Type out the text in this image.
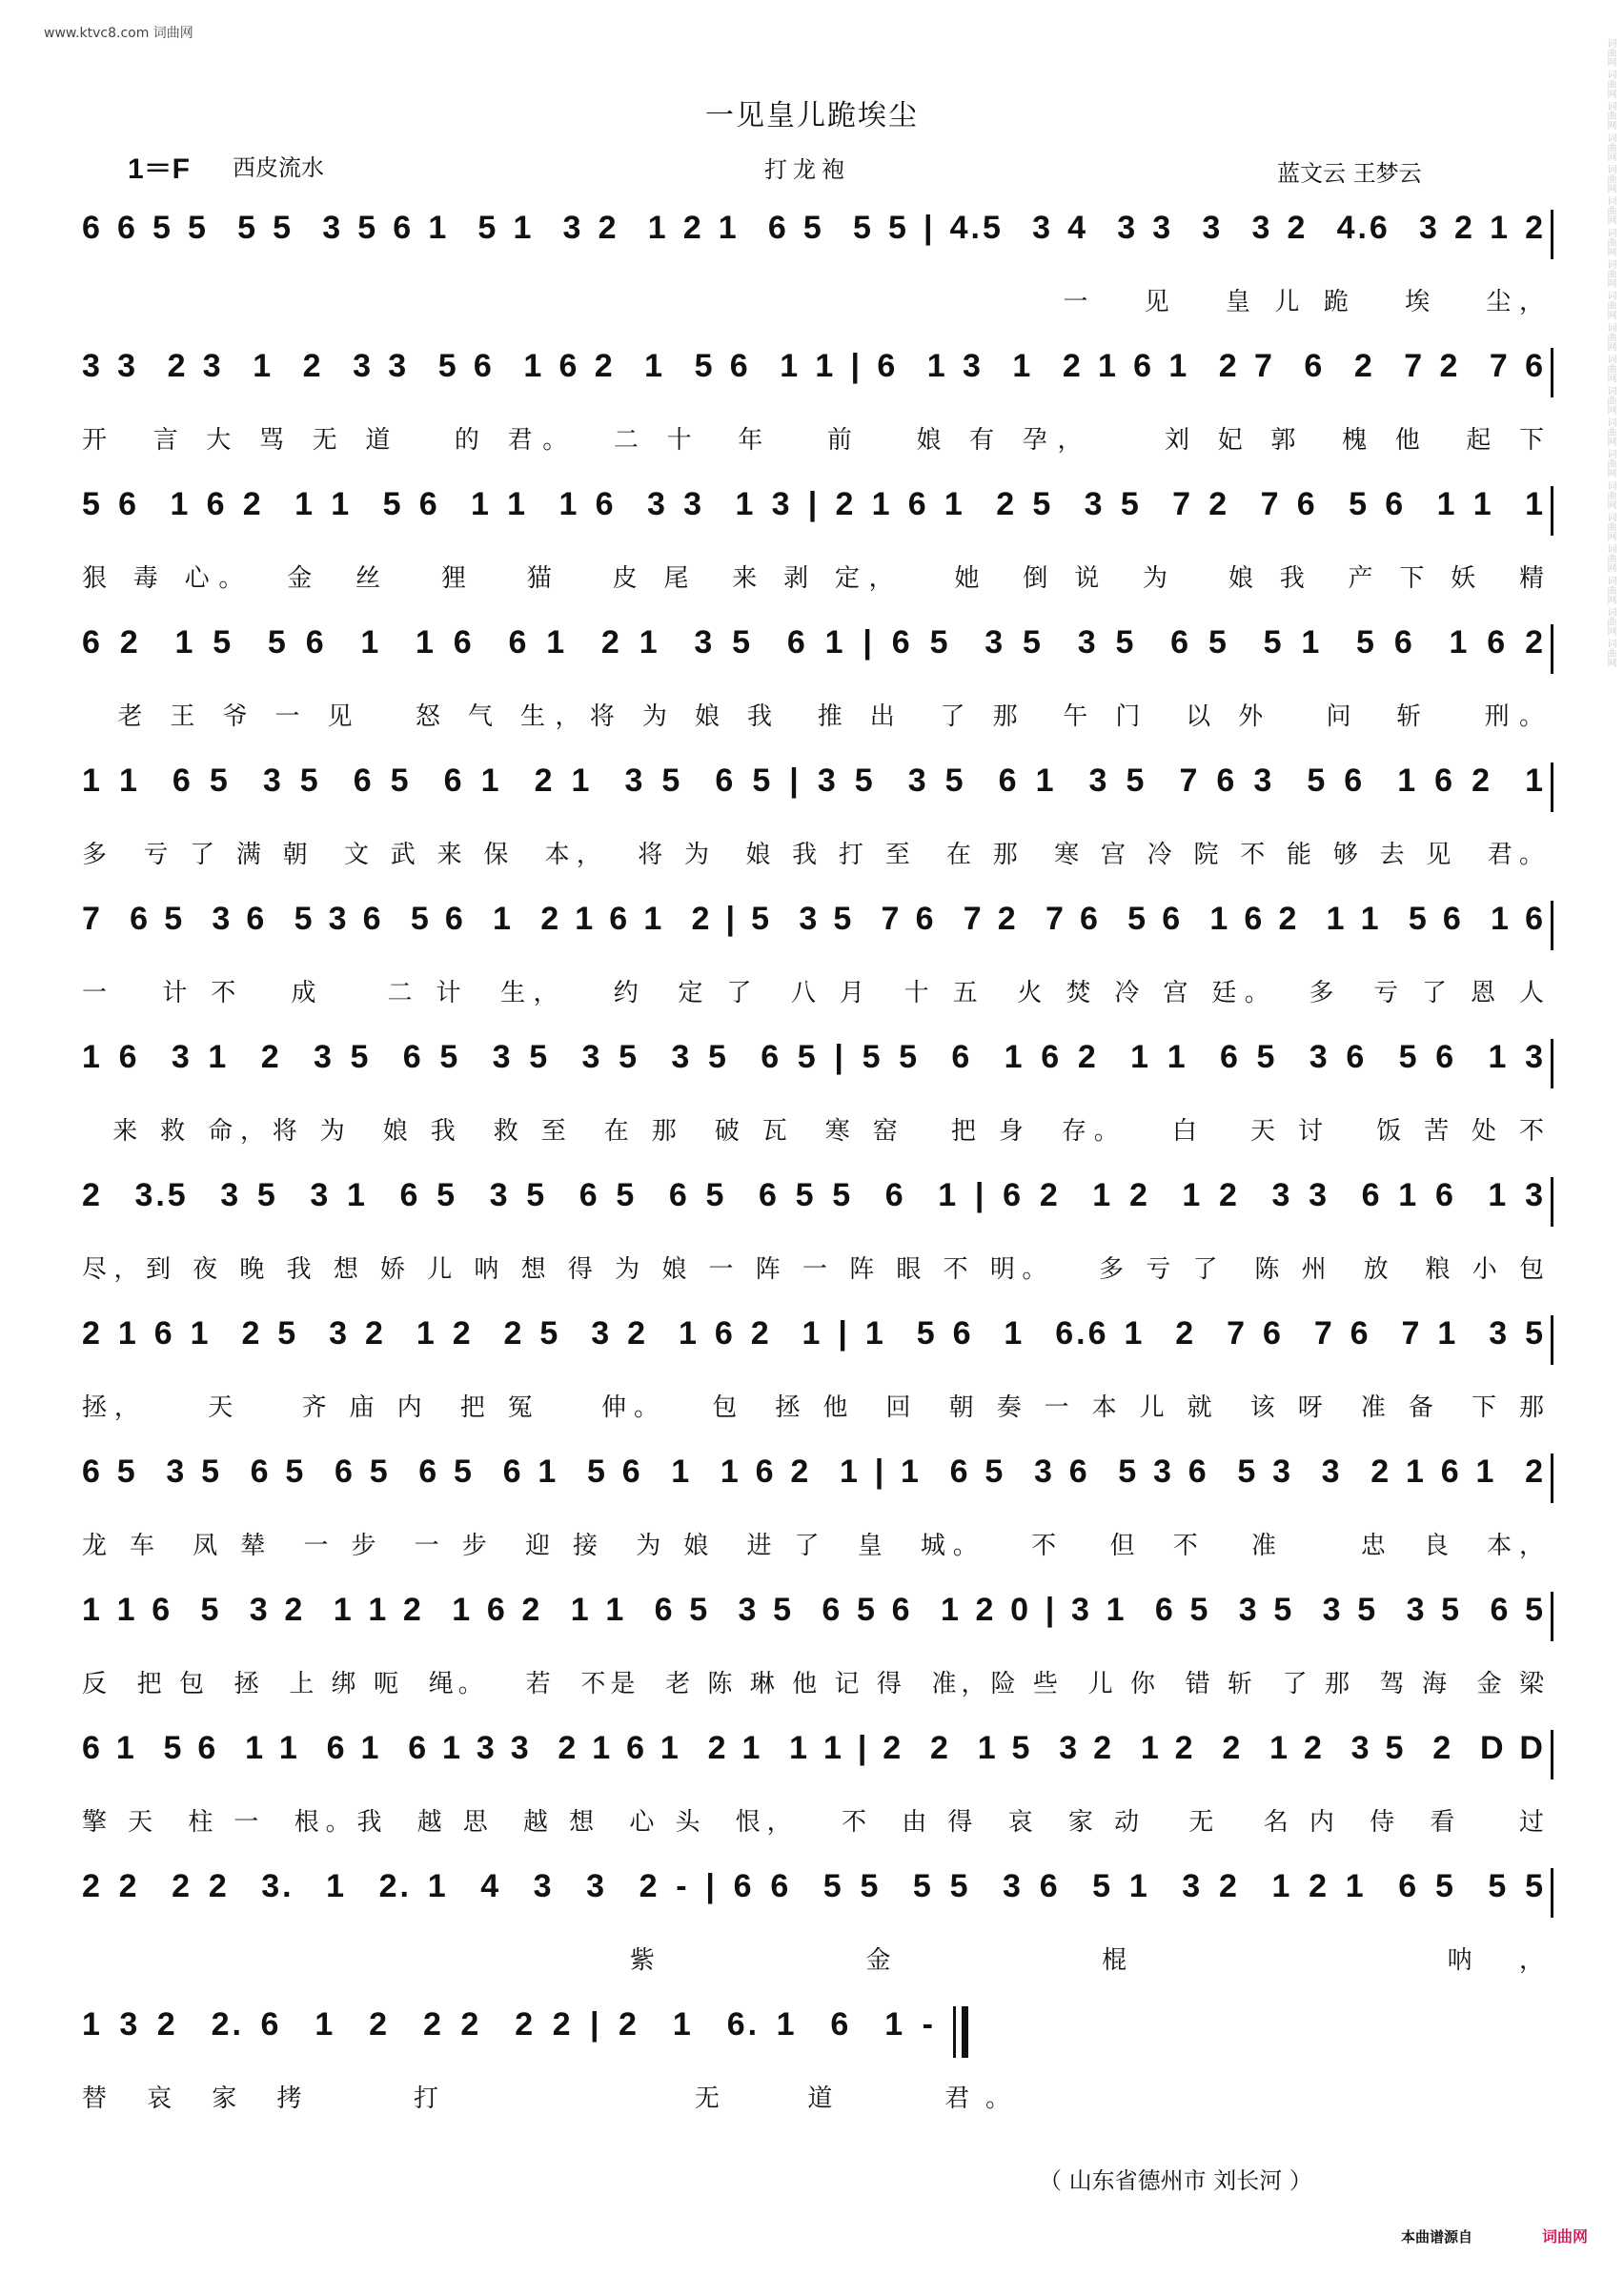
www.ktvc8.com 词曲网
词曲网 词曲网 词曲网 词曲网 词曲网 词曲网 词曲网 词曲网 词曲网 词曲网 词曲网 词曲网 词曲网 词曲网 词曲网 词曲网 词曲网 词曲网 词曲网 词曲网
一见皇儿跪埃尘
1＝F 西皮流水	打龙袍	蓝文云 王梦云
6 6 5 5  5 5  3 5 6 1  5 1  3 2  1 2 1  6 5  5 5 | 4.5  3 4  3 3  3  3 2  4.6  3 2 1 2
一   见   皇 儿 跪   埃   尘，
3 3  2 3  1  2  3 3  5 6  1 6 2  1  5 6  1 1 | 6  1 3  1  2 1 6 1  2 7  6  2  7 2  7 6
开  言 大 骂 无 道   的 君。  二 十  年   前   娘 有 孕，    刘 妃 郭  槐 他  起 下
5 6  1 6 2  1 1  5 6  1 1  1 6  3 3  1 3 | 2 1 6 1  2 5  3 5  7 2  7 6  5 6  1 1  1
狠 毒 心。  金  丝   狸   猫   皮 尾  来 剥 定，   她  倒 说  为   娘 我  产 下 妖  精
6 2  1 5  5 6  1  1 6  6 1  2 1  3 5  6 1 | 6 5  3 5  3 5  6 5  5 1  5 6  1 6 2
老 王 爷 一 见   怒 气 生，将 为 娘 我  推 出  了 那  午 门  以 外   问  斩   刑。
1 1  6 5  3 5  6 5  6 1  2 1  3 5  6 5 | 3 5  3 5  6 1  3 5  7 6 3  5 6  1 6 2  1
多  亏 了 满 朝  文 武 来 保  本，  将 为  娘 我 打 至  在 那  寒 宫 冷 院 不 能 够 去 见  君。
7  6 5  3 6  5 3 6  5 6  1  2 1 6 1  2 | 5  3 5  7 6  7 2  7 6  5 6  1 6 2  1 1  5 6  1 6
一   计 不   成    二 计  生，   约  定 了  八 月  十 五  火 焚 冷 宫 廷。  多  亏 了 恩 人
1 6  3 1  2  3 5  6 5  3 5  3 5  3 5  6 5 | 5 5  6  1 6 2  1 1  6 5  3 6  5 6  1 3
来 救 命，将 为  娘 我  救 至  在 那  破 瓦  寒 窑   把 身  存。   白   天 讨   饭 苦 处 不
2  3.5  3 5  3 1  6 5  3 5  6 5  6 5  6 5 5  6  1 | 6 2  1 2  1 2  3 3  6 1 6  1 3
尽，到 夜 晚 我 想 娇 儿 呐 想 得 为 娘 一 阵 一 阵 眼 不 明。   多 亏 了  陈 州  放  粮 小 包
2 1 6 1  2 5  3 2  1 2  2 5  3 2  1 6 2  1 | 1  5 6  1  6.6 1  2  7 6  7 6  7 1  3 5
拯，    天    齐 庙 内  把 冤    伸。   包  拯 他  回  朝 奏 一 本 儿 就  该 呀  准 备  下 那
6 5  3 5  6 5  6 5  6 5  6 1  5 6  1  1 6 2  1 | 1  6 5  3 6  5 3 6  5 3  3  2 1 6 1  2
龙 车  凤 辇  一 步  一 步  迎 接  为 娘  进 了  皇  城。   不   但  不   准     忠  良  本，
1 1 6  5  3 2  1 1 2  1 6 2  1 1  6 5  3 5  6 5 6  1 2 0 | 3 1  6 5  3 5  3 5  3 5  6 5
反  把 包  拯  上 绑 呃  绳。   若  不是  老 陈 琳 他 记 得  准，险 些  儿 你  错 斩  了 那  驾 海  金 梁
6 1  5 6  1 1  6 1  6 1 3 3  2 1 6 1  2 1  1 1 | 2  2  1 5  3 2  1 2  2  1 2  3 5  2  D D
擎 天  柱 一  根。我  越 思  越 想  心 头  恨，   不  由 得  哀  家 动   无   名 内  侍  看    过
2 2  2 2  3.  1  2. 1  4  3  3  2 - | 6 6  5 5  5 5  3 6  5 1  3 2  1 2 1  6 5  5 5
紫   金   棍     呐，
1 3 2  2. 6  1  2  2 2  2 2 | 2  1  6. 1  6  1 -
替 哀 家 拷    打          无   道    君。
（ 山东省德州市 刘长河 ）
本曲谱源自	词曲网
